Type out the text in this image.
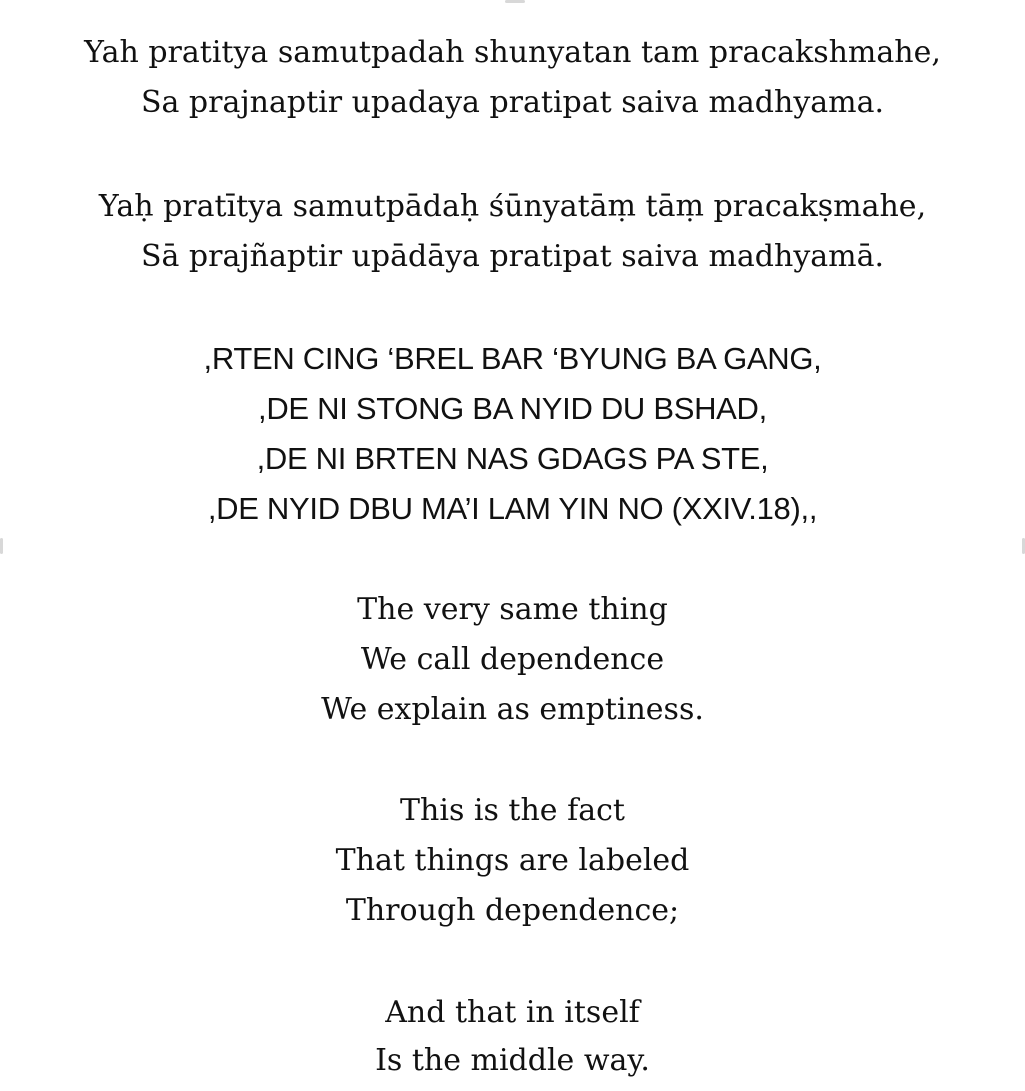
Yah pratitya samutpadah shunyatan tam pracakshmahe,
Sa prajnaptir upadaya pratipat saiva madhyama.
Yaḥ pratītya samutpādaḥ śūnyatāṃ tāṃ pracakṣmahe,
Sā prajñaptir upādāya pratipat saiva madhyamā.
,RTEN CING ‘BREL BAR ‘BYUNG BA GANG,
,DE NI STONG BA NYID DU BSHAD,
,DE NI BRTEN NAS GDAGS PA STE,
,DE NYID DBU MA’I LAM YIN NO (XXIV.18),,
The very same thing
We call dependence
We explain as emptiness.
This is the fact
That things are labeled
Through dependence;
And that in itself
Is the middle way.
